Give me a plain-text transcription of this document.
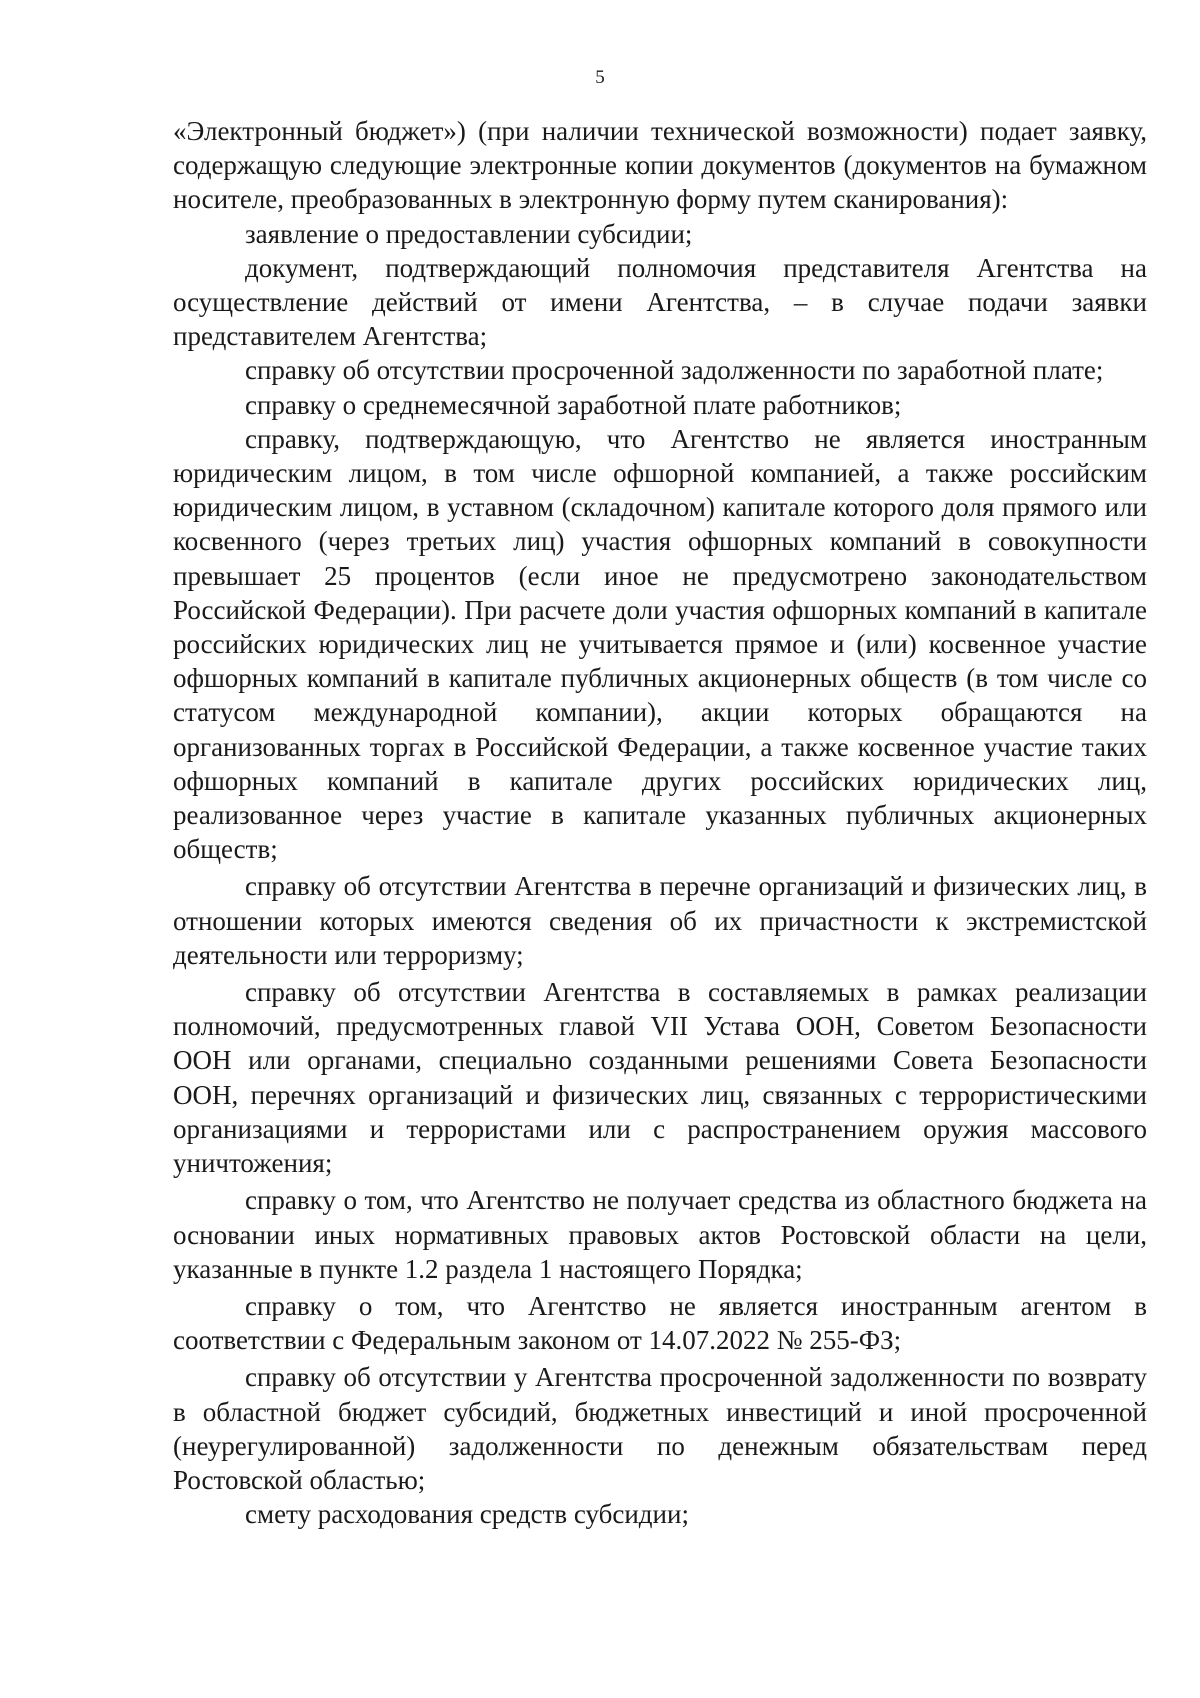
5

«Электронный бюджет») (при наличии технической возможности) подает заявку, содержащую следующие электронные копии документов (документов на бумажном носителе, преобразованных в электронную форму путем сканирования):

заявление о предоставлении субсидии;

документ, подтверждающий полномочия представителя Агентства на осуществление действий от имени Агентства, – в случае подачи заявки представителем Агентства;

справку об отсутствии просроченной задолженности по заработной плате;

справку о среднемесячной заработной плате работников;

справку, подтверждающую, что Агентство не является иностранным юридическим лицом, в том числе офшорной компанией, а также российским юридическим лицом, в уставном (складочном) капитале которого доля прямого или косвенного (через третьих лиц) участия офшорных компаний в совокупности превышает 25 процентов (если иное не предусмотрено законодательством Российской Федерации). При расчете доли участия офшорных компаний в капитале российских юридических лиц не учитывается прямое и (или) косвенное участие офшорных компаний в капитале публичных акционерных обществ (в том числе со статусом международной компании), акции которых обращаются на организованных торгах в Российской Федерации, а также косвенное участие таких офшорных компаний в капитале других российских юридических лиц, реализованное через участие в капитале указанных публичных акционерных обществ;

справку об отсутствии Агентства в перечне организаций и физических лиц, в отношении которых имеются сведения об их причастности к экстремистской деятельности или терроризму;

справку об отсутствии Агентства в составляемых в рамках реализации полномочий, предусмотренных главой VII Устава ООН, Советом Безопасности ООН или органами, специально созданными решениями Совета Безопасности ООН, перечнях организаций и физических лиц, связанных с террористическими организациями и террористами или с распространением оружия массового уничтожения;

справку о том, что Агентство не получает средства из областного бюджета на основании иных нормативных правовых актов Ростовской области на цели, указанные в пункте 1.2 раздела 1 настоящего Порядка;

справку о том, что Агентство не является иностранным агентом в соответствии с Федеральным законом от 14.07.2022 № 255-ФЗ;

справку об отсутствии у Агентства просроченной задолженности по возврату в областной бюджет субсидий, бюджетных инвестиций и иной просроченной (неурегулированной) задолженности по денежным обязательствам перед Ростовской областью;

смету расходования средств субсидии;
